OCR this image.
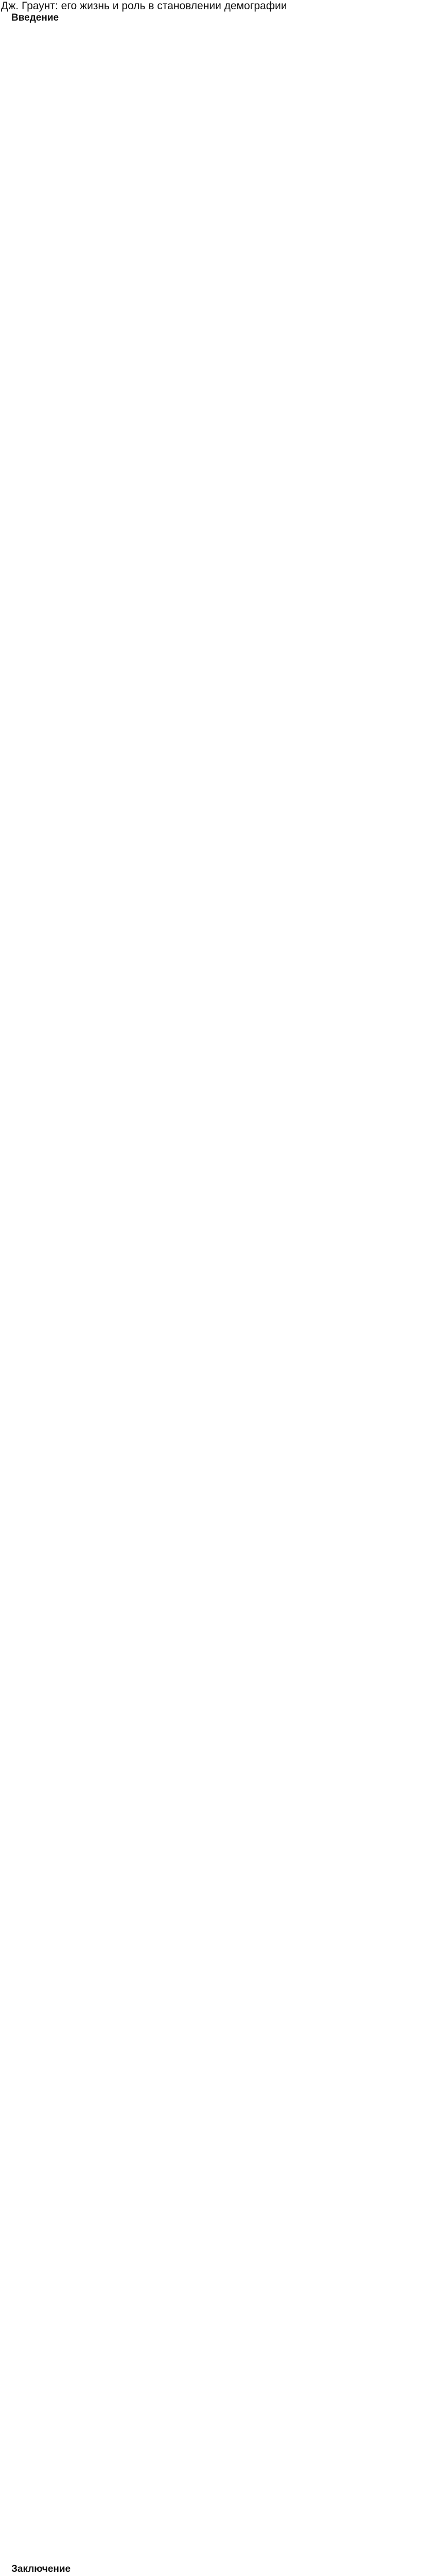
Дж. Граунт: его жизнь и роль в становлении демографии
Введение
Заключение
